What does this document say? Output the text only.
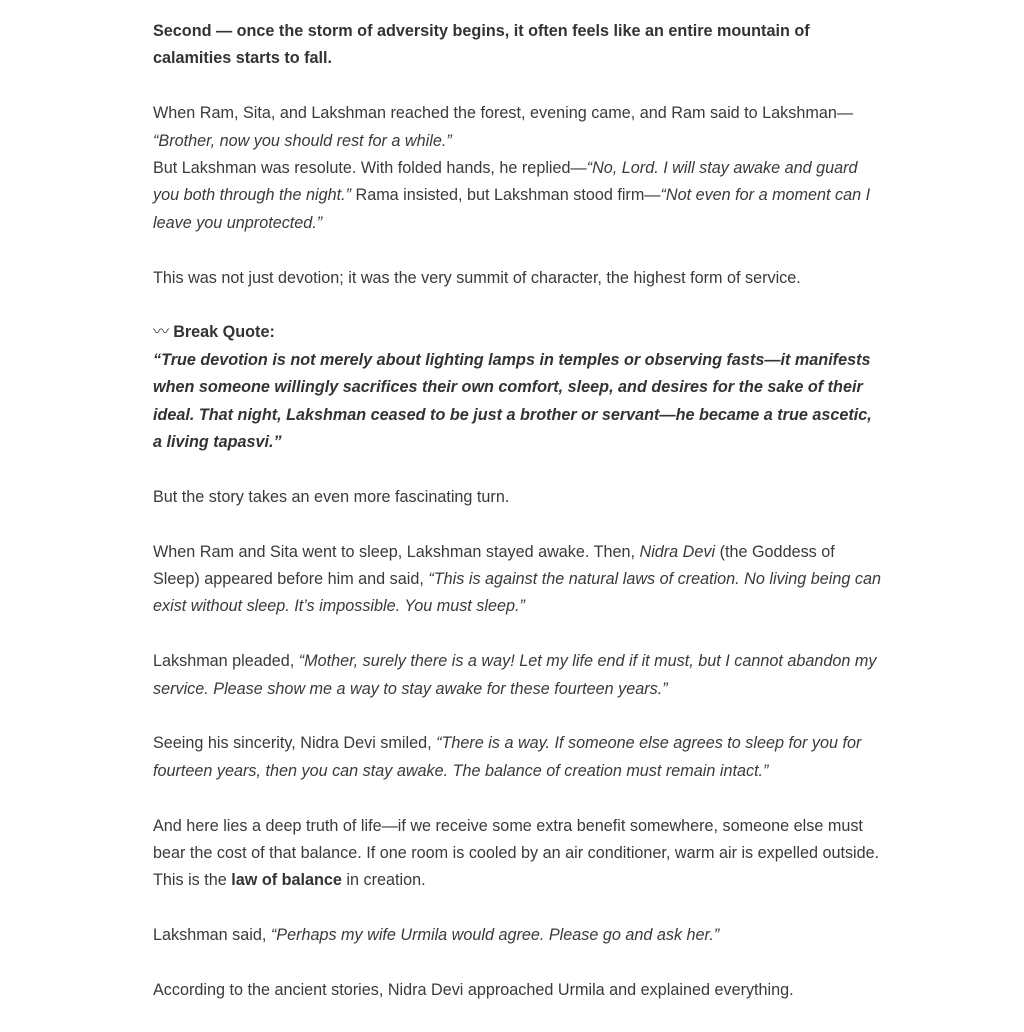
Second — once the storm of adversity begins, it often feels like an entire mountain of calamities starts to fall.

When Ram, Sita, and Lakshman reached the forest, evening came, and Ram said to Lakshman—
“Brother, now you should rest for a while.”
But Lakshman was resolute. With folded hands, he replied—“No, Lord. I will stay awake and guard you both through the night.” Rama insisted, but Lakshman stood firm—“Not even for a moment can I leave you unprotected.”

This was not just devotion; it was the very summit of character, the highest form of service.

〰 Break Quote:
“True devotion is not merely about lighting lamps in temples or observing fasts—it manifests when someone willingly sacrifices their own comfort, sleep, and desires for the sake of their ideal. That night, Lakshman ceased to be just a brother or servant—he became a true ascetic, a living tapasvi.”

But the story takes an even more fascinating turn.

When Ram and Sita went to sleep, Lakshman stayed awake. Then, Nidra Devi (the Goddess of Sleep) appeared before him and said, “This is against the natural laws of creation. No living being can exist without sleep. It’s impossible. You must sleep.”

Lakshman pleaded, “Mother, surely there is a way! Let my life end if it must, but I cannot abandon my service. Please show me a way to stay awake for these fourteen years.”

Seeing his sincerity, Nidra Devi smiled, “There is a way. If someone else agrees to sleep for you for fourteen years, then you can stay awake. The balance of creation must remain intact.”

And here lies a deep truth of life—if we receive some extra benefit somewhere, someone else must bear the cost of that balance. If one room is cooled by an air conditioner, warm air is expelled outside. This is the law of balance in creation.

Lakshman said, “Perhaps my wife Urmila would agree. Please go and ask her.”

According to the ancient stories, Nidra Devi approached Urmila and explained everything.
